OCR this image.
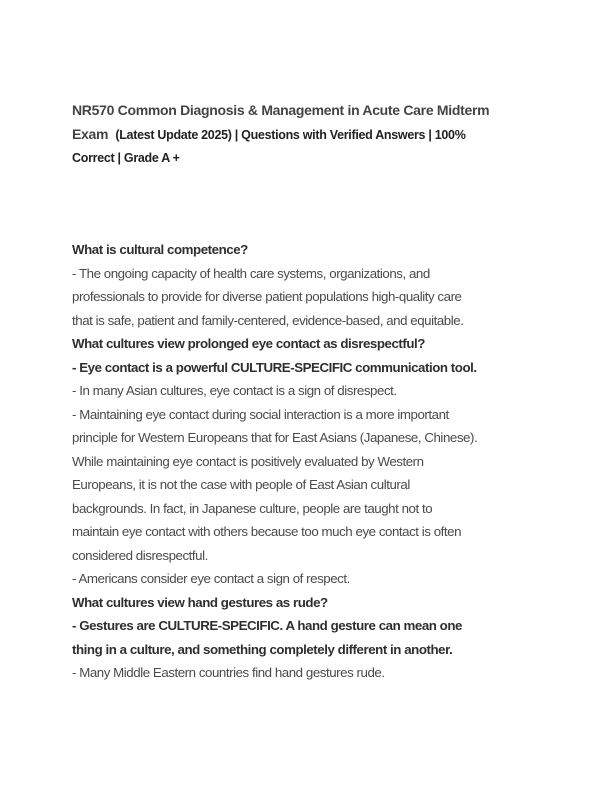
NR570 Common Diagnosis & Management in Acute Care Midterm
Exam (Latest Update 2025) | Questions with Verified Answers | 100%
Correct | Grade A +
What is cultural competence?
- The ongoing capacity of health care systems, organizations, and
professionals to provide for diverse patient populations high-quality care
that is safe, patient and family-centered, evidence-based, and equitable.
What cultures view prolonged eye contact as disrespectful?
- Eye contact is a powerful CULTURE-SPECIFIC communication tool.
- In many Asian cultures, eye contact is a sign of disrespect.
- Maintaining eye contact during social interaction is a more important
principle for Western Europeans that for East Asians (Japanese, Chinese).
While maintaining eye contact is positively evaluated by Western
Europeans, it is not the case with people of East Asian cultural
backgrounds. In fact, in Japanese culture, people are taught not to
maintain eye contact with others because too much eye contact is often
considered disrespectful.
- Americans consider eye contact a sign of respect.
What cultures view hand gestures as rude?
- Gestures are CULTURE-SPECIFIC. A hand gesture can mean one
thing in a culture, and something completely different in another.
- Many Middle Eastern countries find hand gestures rude.
